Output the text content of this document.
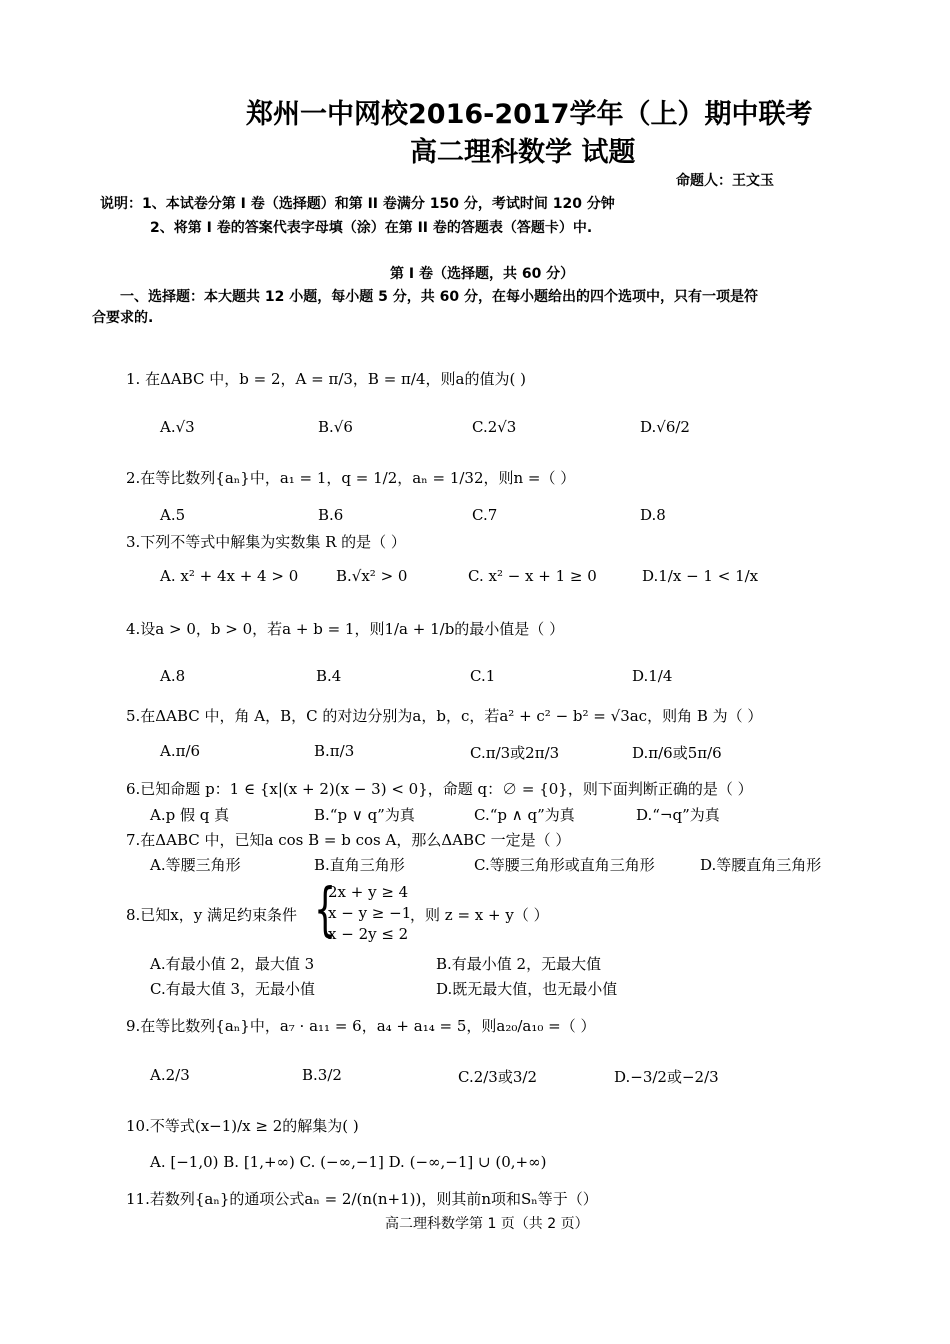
郑州一中网校2016-2017学年（上）期中联考
高二理科数学 试题
命题人：王文玉
说明：1、本试卷分第 I 卷（选择题）和第 II 卷满分 150 分，考试时间 120 分钟
2、将第 I 卷的答案代表字母填（涂）在第 II 卷的答题表（答题卡）中.
第 I 卷（选择题，共 60 分）
一、选择题：本大题共 12 小题，每小题 5 分，共 60 分，在每小题给出的四个选项中，只有一项是符
合要求的.
1. 在ΔABC 中，b = 2，A = π/3，B = π/4，则a的值为( )
A.√3	B.√6	C.2√3	D.√6/2
2.在等比数列{aₙ}中，a₁ = 1，q = 1/2，aₙ = 1/32，则n =（ ）
A.5	B.6	C.7	D.8
3.下列不等式中解集为实数集 R 的是（ ）
A. x² + 4x + 4 > 0	B.√x² > 0	C. x² − x + 1 ≥ 0	D.1/x − 1 < 1/x
4.设a > 0，b > 0，若a + b = 1，则1/a + 1/b的最小值是（ ）
A.8	B.4	C.1	D.1/4
5.在ΔABC 中，角 A，B，C 的对边分别为a，b，c，若a² + c² − b² = √3ac，则角 B 为（ ）
A.π/6	B.π/3	C.π/3或2π/3	D.π/6或5π/6
6.已知命题 p：1 ∈ {x|(x + 2)(x − 3) < 0}，命题 q：∅ = {0}，则下面判断正确的是（ ）
A.p 假 q 真	B.“p ∨ q”为真	C.“p ∧ q”为真	D.“¬q”为真
7.在ΔABC 中，已知a cos B = b cos A，那么ΔABC 一定是（ ）
A.等腰三角形	B.直角三角形	C.等腰三角形或直角三角形	D.等腰直角三角形
8.已知x，y 满足约束条件 {
2x + y ≥ 4
x − y ≥ −1
x − 2y ≤ 2
，则 z = x + y（ ）
A.有最小值 2，最大值 3	B.有最小值 2，无最大值
C.有最大值 3，无最小值	D.既无最大值，也无最小值
9.在等比数列{aₙ}中，a₇ · a₁₁ = 6，a₄ + a₁₄ = 5，则a₂₀/a₁₀ =（ ）
A.2/3	B.3/2	C.2/3或3/2	D.−3/2或−2/3
10.不等式(x−1)/x ≥ 2的解集为( )
A. [−1,0) B. [1,+∞) C. (−∞,−1] D. (−∞,−1] ∪ (0,+∞)
11.若数列{aₙ}的通项公式aₙ = 2/(n(n+1))，则其前n项和Sₙ等于（）
高二理科数学第 1 页（共 2 页）
